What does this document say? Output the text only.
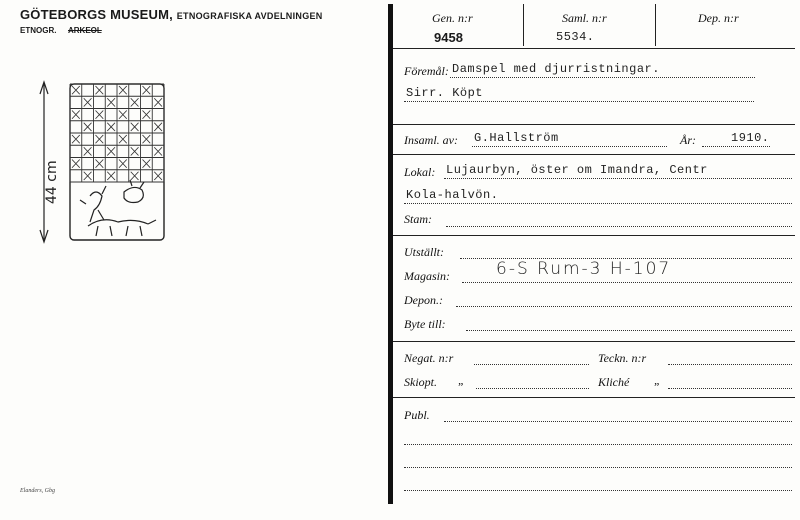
GÖTEBORGS MUSEUM, ETNOGRAFISKA AVDELNINGEN
ETNOGR. ARKEOL
44 cm
Elanders, Gbg
Gen. n:r
9458
Saml. n:r
5534.
Dep. n:r
Föremål: Damspel med djurristningar.
Sirr. Köpt
Insaml. av: G.Hallström	År:	1910.
Lokal: Lujaurbyn, öster om Imandra, Centr
Kola-halvön.
Stam:
Utställt:
Magasin:	6-S Rum-3 H-107
Depon.:
Byte till:
Negat. n:r	Teckn. n:r
Skiopt. „	Kliché „
Publ.
